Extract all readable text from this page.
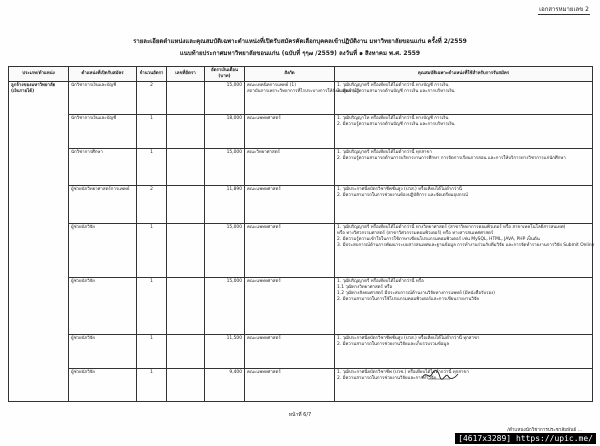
เอกสารหมายเลข 2
รายละเอียดตำแหน่งและคุณสมบัติเฉพาะตำแหน่งที่เปิดรับสมัครคัดเลือกบุคคลเข้าปฏิบัติงาน มหาวิทยาลัยขอนแก่น ครั้งที่ 2/2559
แนบท้ายประกาศมหาวิทยาลัยขอนแก่น (ฉบับที่ ๆๆ๗ /2559) ลงวันที่ ๑ สิงหาคม พ.ศ. 2559
ประเภท/ตำแหน่ง	ตำแหน่งที่เปิดรับสมัคร	จำนวนอัตรา	เลขที่อัตรา	อัตราเงินเดือน (บาท)	สังกัด	คุณสมบัติเฉพาะตำแหน่งที่ใช้สำหรับการรับสมัคร

ลูกจ้างของมหาวิทยาลัย
(เงินรายได้)	นักวิชาการเงินและบัญชี	2		15,000	คณะเทคนิคการแพทย์ (1)
สถาบันการเพราะวิทยาการที่ไรประบางการให้สังคมศูนย์ (1)	1. วุฒิปริญญาตรี หรือเทียบได้ไม่ต่ำกว่านี้ ทางบัญชี การเงิน
2. มีความรู้ความสามารถด้านบัญชี การเงิน และการบริหารเงิน

	นักวิชาการเงินและบัญชี	1		18,000	คณะแพทยศาสตร์	1. วุฒิปริญญาโท หรือเทียบได้ไม่ต่ำกว่านี้ ทางบัญชี การเงิน
2. มีความรู้ความสามารถด้านบัญชี การเงิน และการบริหารเงิน

	นักวิชาการศึกษา	1		15,000	คณะวิทยาศาสตร์	1. วุฒิปริญญาตรี หรือเทียบได้ไม่ต่ำกว่านี้ ทุกสาขา
2. มีความรู้ความสามารถด้านการบริหารงานการศึกษา การจัดการเรียนการสอน และการให้บริการทางวิชาการแก่นักศึกษา

	ผู้ช่วยนักวิทยาศาสตร์การแพทย์	2		11,890	คณะแพทยศาสตร์	1. วุฒิประกาศนียบัตรวิชาชีพชั้นสูง (ปวส.) หรือเทียบได้ไม่ต่ำกว่านี้
2. มีความสามารถในการช่วยงานห้องปฏิบัติการ และจัดเตรียมอุปกรณ์

	ผู้ช่วยนักวิจัย	1		15,000	คณะแพทยศาสตร์	1. วุฒิปริญญาตรี หรือเทียบได้ไม่ต่ำกว่านี้ ทางวิทยาศาสตร์ (สาขาวิทยาการคอมพิวเตอร์ หรือ สาขาเทคโนโลยีสารสนเทศ)
หรือ ทางวิศวกรรมศาสตร์ (สาขาวิศวกรรมคอมพิวเตอร์) หรือ ทางสารสนเทศศาสตร์
2. มีความรู้ความเข้าใจในการใช้ภาษาเขียนโปรแกรมคอมพิวเตอร์ เช่น MySQL, HTML, JAVA, PHP เป็นต้น
3. มีประสบการณ์ด้านการพัฒนาระบบสารสนเทศและฐานข้อมูล การทำงานร่วมกับทีมวิจัย และการจัดทำรายงานการวิจัย Submit Online

	ผู้ช่วยนักวิจัย	1		15,000	คณะแพทยศาสตร์	1. วุฒิปริญญาตรี หรือเทียบได้ไม่ต่ำกว่านี้ หรือ
1.1 วุฒิทางวิทยาศาสตร์ หรือ
1.2 วุฒิทางสังคมศาสตร์ มีประสบการณ์ด้านงานวิจัยทางการแพทย์ (มีหนังสือรับรอง)
2. มีความสามารถในการใช้โปรแกรมคอมพิวเตอร์และการเขียนรายงานวิจัย

	ผู้ช่วยนักวิจัย	1		11,500	คณะแพทยศาสตร์	1. วุฒิประกาศนียบัตรวิชาชีพชั้นสูง (ปวส.) หรือเทียบได้ไม่ต่ำกว่านี้ ทุกสาขา
2. มีความสามารถในการช่วยงานวิจัยและเก็บรวบรวมข้อมูล

	ผู้ช่วยนักวิจัย	1		9,400	คณะแพทยศาสตร์	1. วุฒิประกาศนียบัตรวิชาชีพ (ปวช.) หรือเทียบได้ไม่ต่ำกว่านี้ ทุกสาขา
2. มีความสามารถในการช่วยงานวิจัยและการทำวิจัย
หน้าที่ 6/7
/ตำแหน่งนักวิชาการประชาสัมพันธ์ ...
[4617x3289] https://upic.me/
